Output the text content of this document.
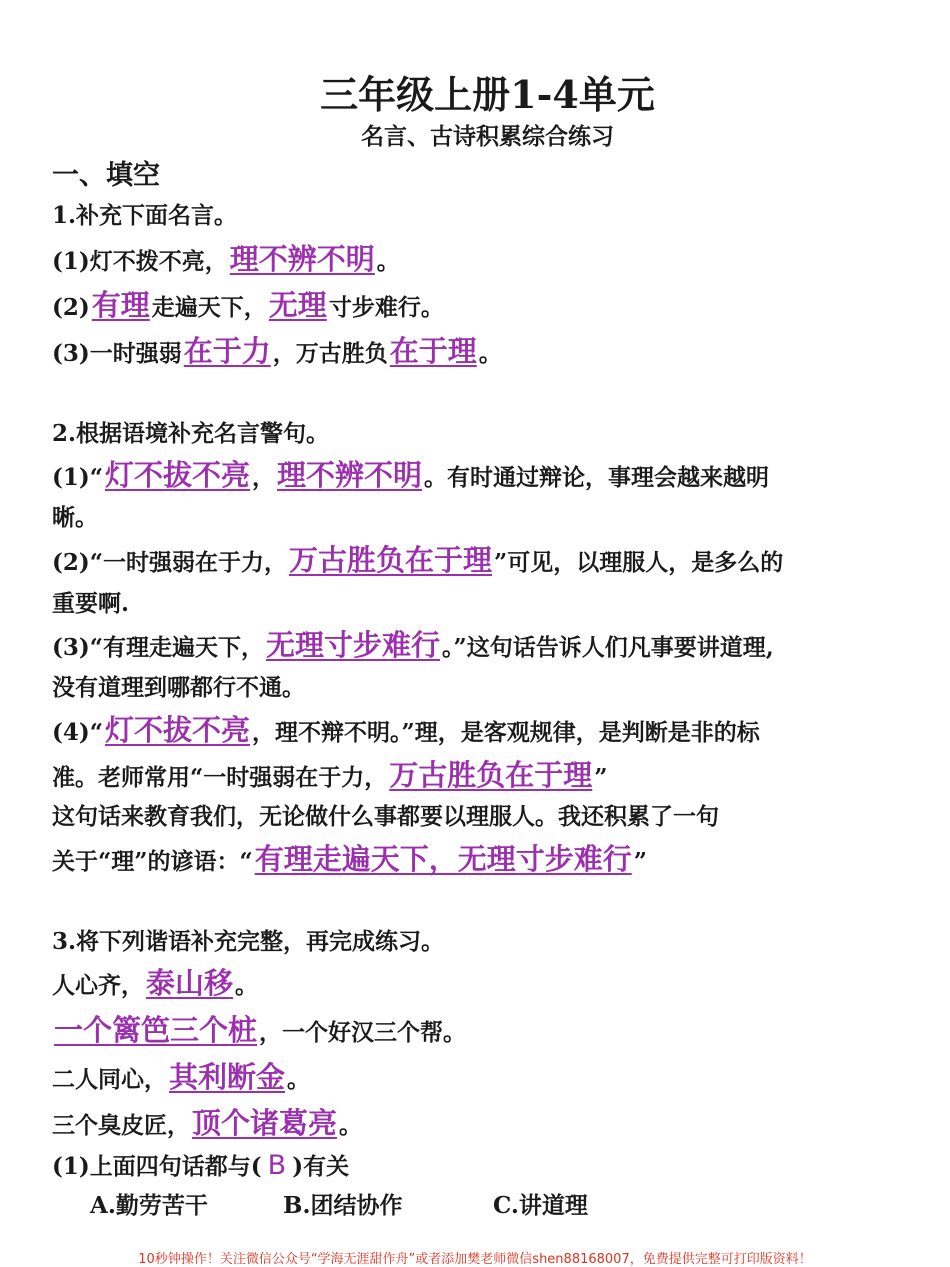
三年级上册1-4单元
名言、古诗积累综合练习
一、填空
1.补充下面名言。
(1)灯不拨不亮，理不辨不明。
(2)有理走遍天下，无理寸步难行。
(3)一时强弱在于力，万古胜负在于理。
2.根据语境补充名言警句。
(1)“灯不拔不亮，理不辨不明。有时通过辩论，事理会越来越明
晰。
(2)“一时强弱在于力，万古胜负在于理”可见，以理服人，是多么的
重要啊.
(3)“有理走遍天下，无理寸步难行。”这句话告诉人们凡事要讲道理,
没有道理到哪都行不通。
(4)“灯不拔不亮，理不辩不明。”理，是客观规律，是判断是非的标
准。老师常用“一时强弱在于力，万古胜负在于理”
这句话来教育我们，无论做什么事都要以理服人。我还积累了一句
关于“理”的谚语：“有理走遍天下，无理寸步难行”
3.将下列谐语补充完整，再完成练习。
人心齐，泰山移。
一个篱笆三个桩，一个好汉三个帮。
二人同心，其利断金。
三个臭皮匠，顶个诸葛亮。
(1)上面四句话都与( B )有关
A.勤劳苦干	B.团结协作	C.讲道理
10秒钟操作！关注微信公众号“学海无涯甜作舟”或者添加樊老师微信shen88168007，免费提供完整可打印版资料！
